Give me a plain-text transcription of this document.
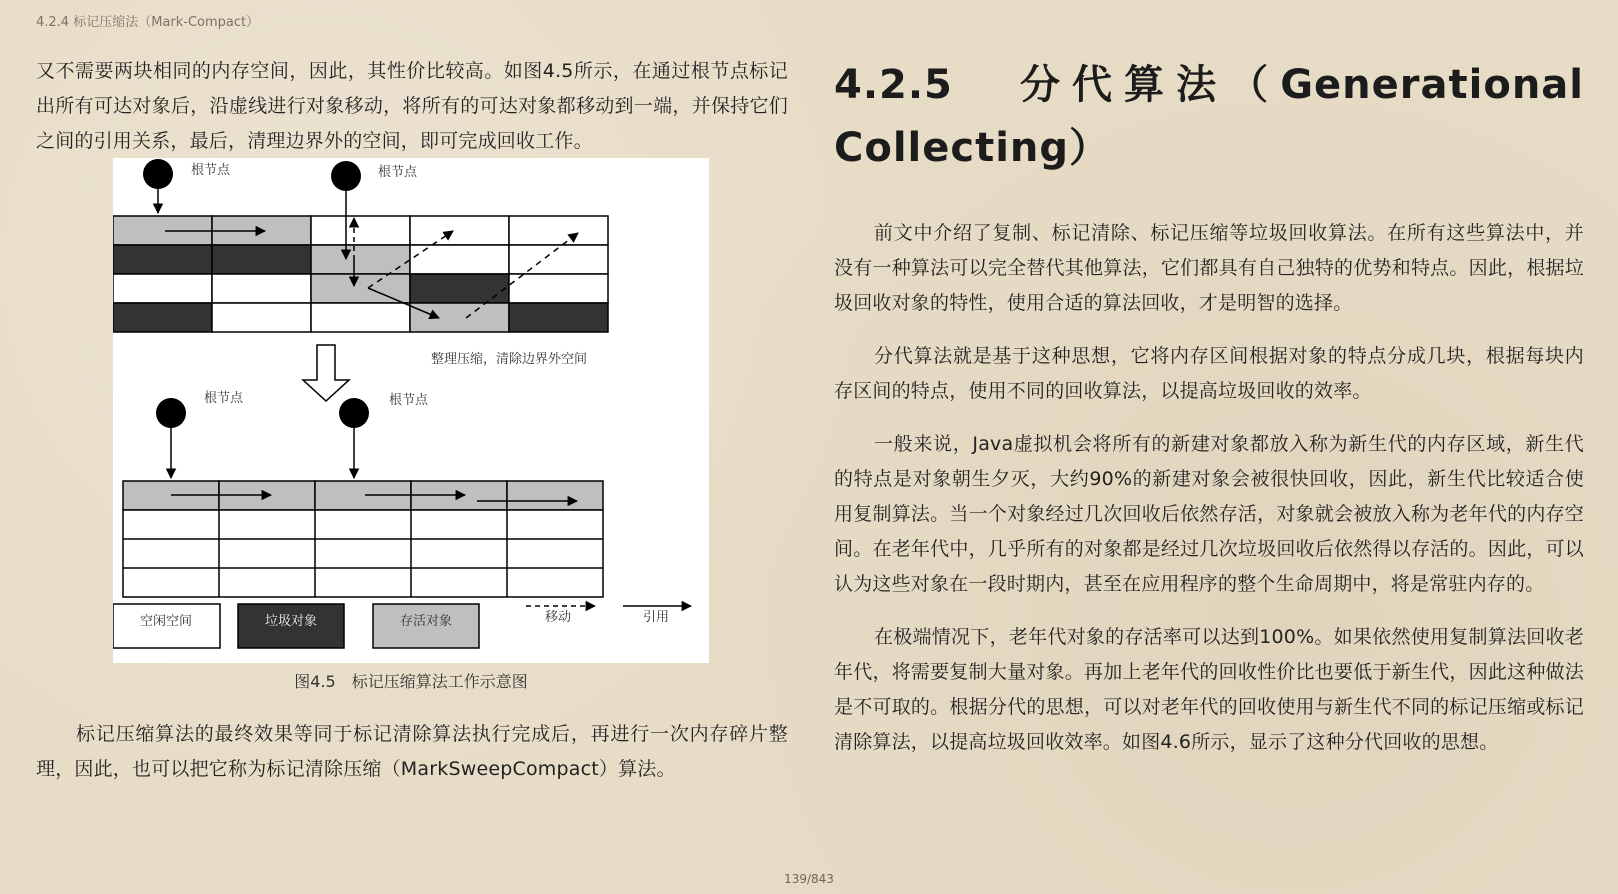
4.2.4 标记压缩法（Mark-Compact）

又不需要两块相同的内存空间，因此，其性价比较高。如图4.5所示，在通过根节点标记出所有可达对象后，沿虚线进行对象移动，将所有的可达对象都移动到一端，并保持它们之间的引用关系，最后，清理边界外的空间，即可完成回收工作。

根节点	根节点
整理压缩，清除边界外空间
根节点	根节点
空闲空间	垃圾对象	存活对象	移动	引用
图4.5　标记压缩算法工作示意图

标记压缩算法的最终效果等同于标记清除算法执行完成后，再进行一次内存碎片整理，因此，也可以把它称为标记清除压缩（MarkSweepCompact）算法。

4.2.5 分代算法（Generational Collecting）

前文中介绍了复制、标记清除、标记压缩等垃圾回收算法。在所有这些算法中，并没有一种算法可以完全替代其他算法，它们都具有自己独特的优势和特点。因此，根据垃圾回收对象的特性，使用合适的算法回收，才是明智的选择。

分代算法就是基于这种思想，它将内存区间根据对象的特点分成几块，根据每块内存区间的特点，使用不同的回收算法，以提高垃圾回收的效率。

一般来说，Java虚拟机会将所有的新建对象都放入称为新生代的内存区域，新生代的特点是对象朝生夕灭，大约90%的新建对象会被很快回收，因此，新生代比较适合使用复制算法。当一个对象经过几次回收后依然存活，对象就会被放入称为老年代的内存空间。在老年代中，几乎所有的对象都是经过几次垃圾回收后依然得以存活的。因此，可以认为这些对象在一段时期内，甚至在应用程序的整个生命周期中，将是常驻内存的。

在极端情况下，老年代对象的存活率可以达到100%。如果依然使用复制算法回收老年代，将需要复制大量对象。再加上老年代的回收性价比也要低于新生代，因此这种做法是不可取的。根据分代的思想，可以对老年代的回收使用与新生代不同的标记压缩或标记清除算法，以提高垃圾回收效率。如图4.6所示，显示了这种分代回收的思想。

139/843
